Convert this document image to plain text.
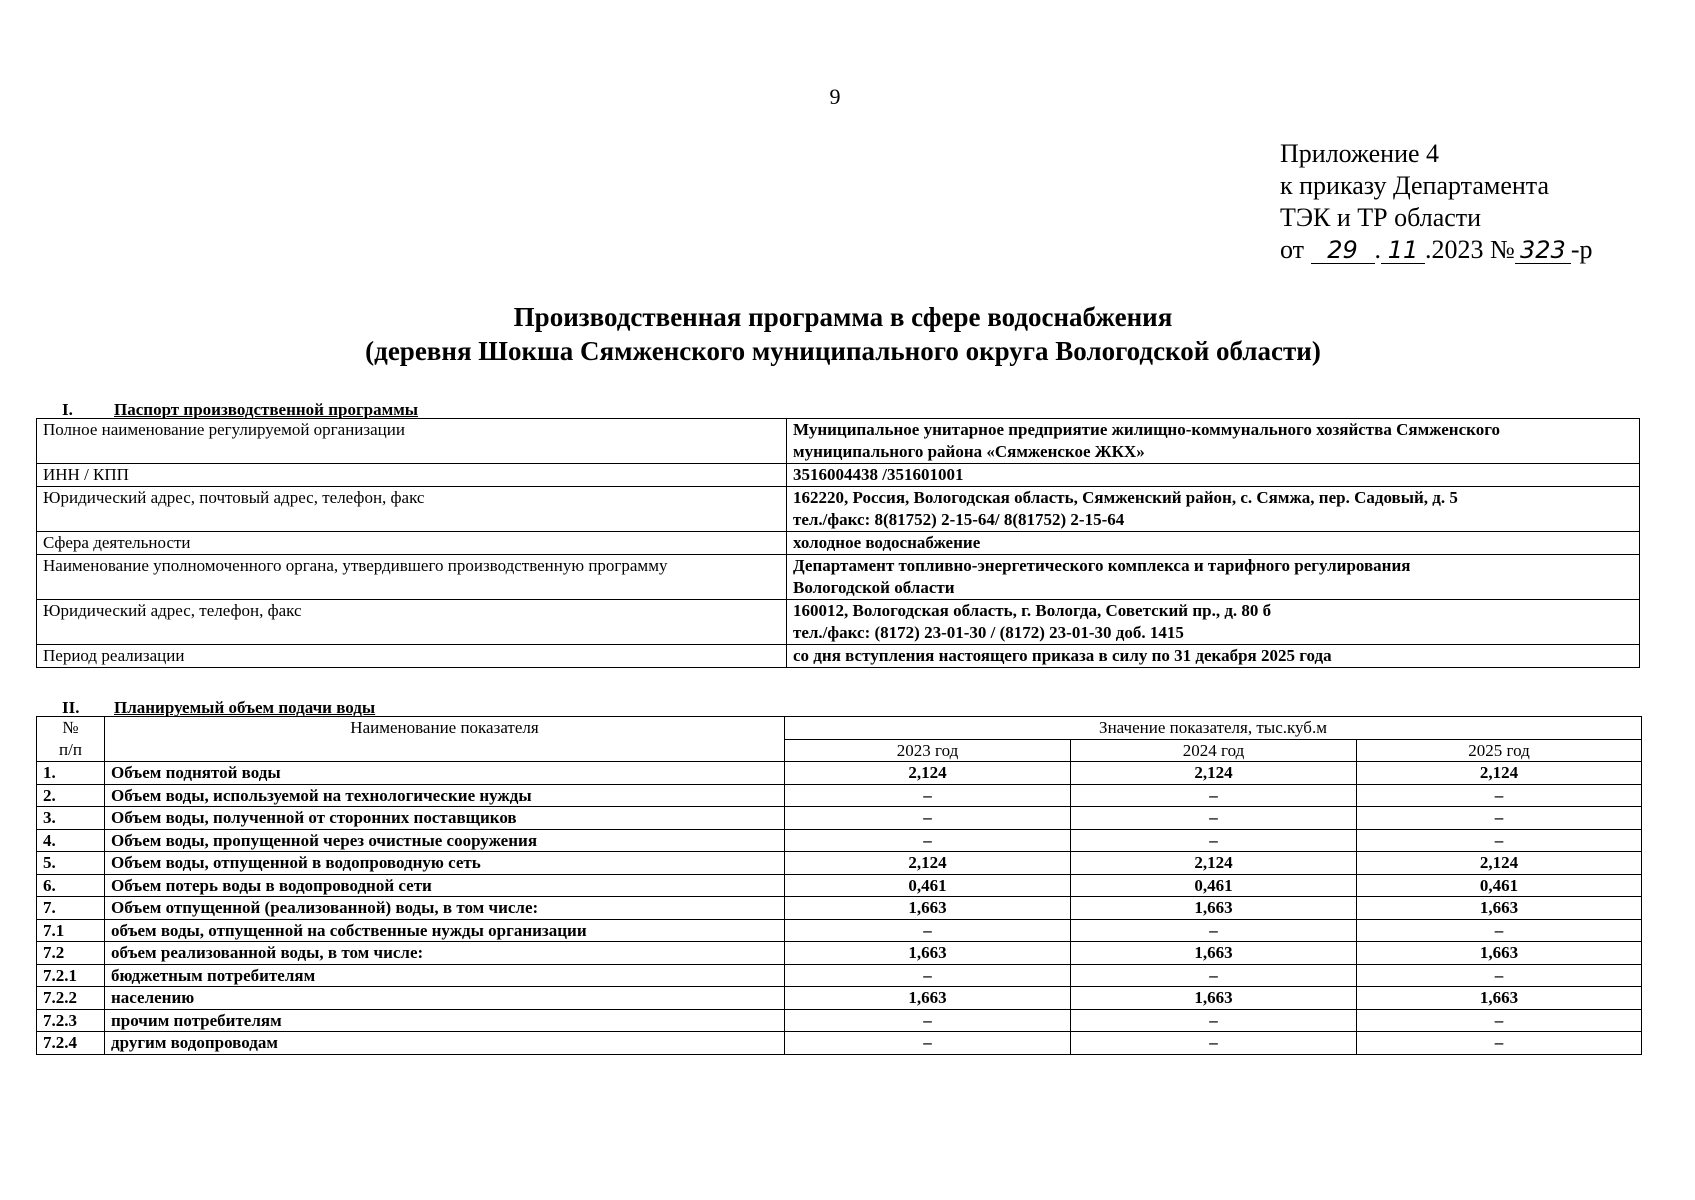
9
Приложение 4
к приказу Департамента
ТЭК и ТР области
от 29 . 11 .2023 № 323 -р
Производственная программа в сфере водоснабжения
(деревня Шокша Сямженского муниципального округа Вологодской области)
I. Паспорт производственной программы
Полное наименование регулируемой организации	Муниципальное унитарное предприятие жилищно-коммунального хозяйства Сямженского
муниципального района «Сямженское ЖКХ»

ИНН / КПП	3516004438 /351601001

Юридический адрес, почтовый адрес, телефон, факс	162220, Россия, Вологодская область, Сямженский район, с. Сямжа, пер. Садовый, д. 5
тел./факс: 8(81752) 2-15-64/ 8(81752) 2-15-64

Сфера деятельности	холодное водоснабжение

Наименование уполномоченного органа, утвердившего производственную программу	Департамент топливно-энергетического комплекса и тарифного регулирования
Вологодской области

Юридический адрес, телефон, факс	160012, Вологодская область, г. Вологда, Советский пр., д. 80 б
тел./факс: (8172) 23-01-30 / (8172) 23-01-30 доб. 1415

Период реализации	со дня вступления настоящего приказа в силу по 31 декабря 2025 года
II. Планируемый объем подачи воды
№
п/п	Наименование показателя	Значение показателя, тыс.куб.м		
		2023 год	2024 год	2025 год
1.	Объем поднятой воды	2,124	2,124	2,124
2.	Объем воды, используемой на технологические нужды	–	–	–
3.	Объем воды, полученной от сторонних поставщиков	–	–	–
4.	Объем воды, пропущенной через очистные сооружения	–	–	–
5.	Объем воды, отпущенной в водопроводную сеть	2,124	2,124	2,124
6.	Объем потерь воды в водопроводной сети	0,461	0,461	0,461
7.	Объем отпущенной (реализованной) воды, в том числе:	1,663	1,663	1,663
7.1	объем воды, отпущенной на собственные нужды организации	–	–	–
7.2	объем реализованной воды, в том числе:	1,663	1,663	1,663
7.2.1	бюджетным потребителям	–	–	–
7.2.2	населению	1,663	1,663	1,663
7.2.3	прочим потребителям	–	–	–
7.2.4	другим водопроводам	–	–	–
